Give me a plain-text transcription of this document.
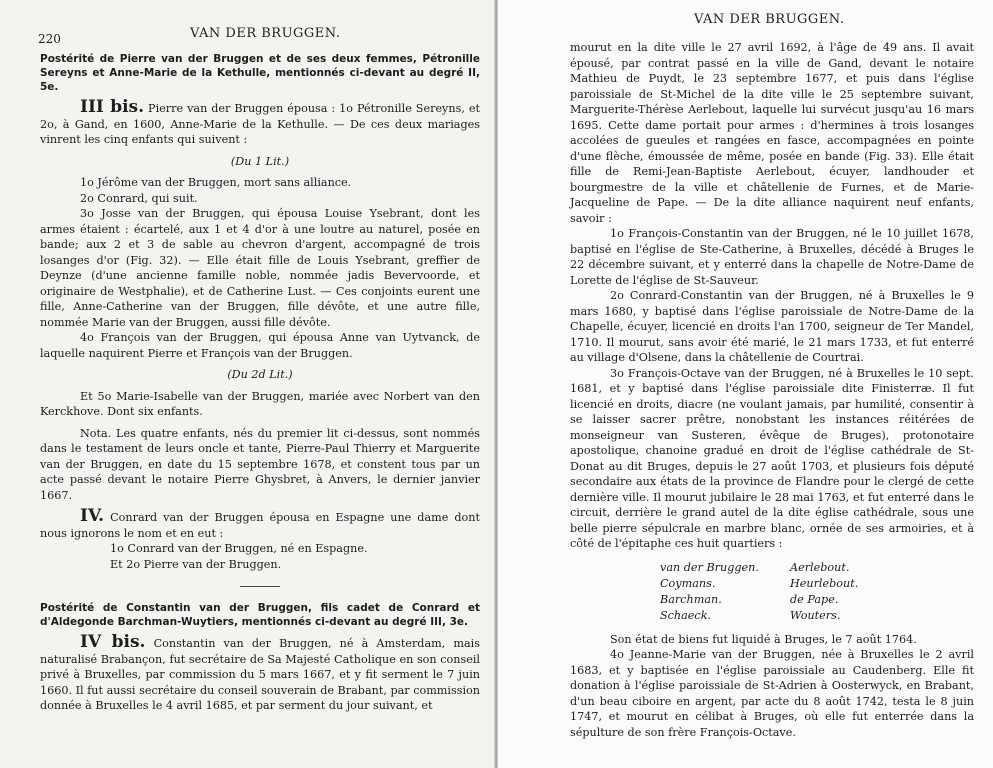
220	VAN DER BRUGGEN.

Postérité de Pierre van der Bruggen et de ses deux femmes, Pétronille Sereyns et Anne-Marie de la Kethulle, mentionnés ci-devant au degré II, 5e.

III bis. Pierre van der Bruggen épousa : 1o Pétronille Sereyns, et 2o, à Gand, en 1600, Anne-Marie de la Kethulle. — De ces deux mariages vinrent les cinq enfants qui suivent :

(Du 1 Lit.)

1o Jérôme van der Bruggen, mort sans alliance.

2o Conrard, qui suit.

3o Josse van der Bruggen, qui épousa Louise Ysebrant, dont les armes étaient : écartelé, aux 1 et 4 d'or à une loutre au naturel, posée en bande; aux 2 et 3 de sable au chevron d'argent, accompagné de trois losanges d'or (Fig. 32). — Elle était fille de Louis Ysebrant, greffier de Deynze (d'une ancienne famille noble, nommée jadis Bevervoorde, et originaire de Westphalie), et de Catherine Lust. — Ces conjoints eurent une fille, Anne-Catherine van der Bruggen, fille dévôte, et une autre fille, nommée Marie van der Bruggen, aussi fille dévôte.

4o François van der Bruggen, qui épousa Anne van Uytvanck, de laquelle naquirent Pierre et François van der Bruggen.

(Du 2d Lit.)

Et 5o Marie-Isabelle van der Bruggen, mariée avec Norbert van den Kerckhove. Dont six enfants.

Nota. Les quatre enfants, nés du premier lit ci-dessus, sont nommés dans le testament de leurs oncle et tante, Pierre-Paul Thierry et Marguerite van der Bruggen, en date du 15 septembre 1678, et constent tous par un acte passé devant le notaire Pierre Ghysbret, à Anvers, le dernier janvier 1667.

IV. Conrard van der Bruggen épousa en Espagne une dame dont nous ignorons le nom et en eut :

1o Conrard van der Bruggen, né en Espagne.

Et 2o Pierre van der Bruggen.

Postérité de Constantin van der Bruggen, fils cadet de Conrard et d'Aldegonde Barchman-Wuytiers, mentionnés ci-devant au degré III, 3e.

IV bis. Constantin van der Bruggen, né à Amsterdam, mais naturalisé Brabançon, fut secrétaire de Sa Majesté Catholique en son conseil privé à Bruxelles, par commission du 5 mars 1667, et y fit serment le 7 juin 1660. Il fut aussi secrétaire du conseil souverain de Brabant, par commission donnée à Bruxelles le 4 avril 1685, et par serment du jour suivant, et

VAN DER BRUGGEN.

mourut en la dite ville le 27 avril 1692, à l'âge de 49 ans. Il avait épousé, par contrat passé en la ville de Gand, devant le notaire Mathieu de Puydt, le 23 septembre 1677, et puis dans l'église paroissiale de St-Michel de la dite ville le 25 septembre suivant, Marguerite-Thérèse Aerlebout, laquelle lui survécut jusqu'au 16 mars 1695. Cette dame portait pour armes : d'hermines à trois losanges accolées de gueules et rangées en fasce, accompagnées en pointe d'une flèche, émoussée de même, posée en bande (Fig. 33). Elle était fille de Remi-Jean-Baptiste Aerlebout, écuyer, landhouder et bourgmestre de la ville et châtellenie de Furnes, et de Marie-Jacqueline de Pape. — De la dite alliance naquirent neuf enfants, savoir :

1o François-Constantin van der Bruggen, né le 10 juillet 1678, baptisé en l'église de Ste-Catherine, à Bruxelles, décédé à Bruges le 22 décembre suivant, et y enterré dans la chapelle de Notre-Dame de Lorette de l'église de St-Sauveur.

2o Conrard-Constantin van der Bruggen, né à Bruxelles le 9 mars 1680, y baptisé dans l'église paroissiale de Notre-Dame de la Chapelle, écuyer, licencié en droits l'an 1700, seigneur de Ter Mandel, 1710. Il mourut, sans avoir été marié, le 21 mars 1733, et fut enterré au village d'Olsene, dans la châtellenie de Courtrai.

3o François-Octave van der Bruggen, né à Bruxelles le 10 sept. 1681, et y baptisé dans l'église paroissiale dite Finisterræ. Il fut licencié en droits, diacre (ne voulant jamais, par humilité, consentir à se laisser sacrer prêtre, nonobstant les instances réitérées de monseigneur van Susteren, évêque de Bruges), protonotaire apostolique, chanoine gradué en droit de l'église cathédrale de St-Donat au dit Bruges, depuis le 27 août 1703, et plusieurs fois député secondaire aux états de la province de Flandre pour le clergé de cette dernière ville. Il mourut jubilaire le 28 mai 1763, et fut enterré dans le circuit, derrière le grand autel de la dite église cathédrale, sous une belle pierre sépulcrale en marbre blanc, ornée de ses armoiries, et à côté de l'épitaphe ces huit quartiers :

van der Bruggen.	Aerlebout.
Coymans.	Heurlebout.
Barchman.	de Pape.
Schaeck.	Wouters.

Son état de biens fut liquidé à Bruges, le 7 août 1764.

4o Jeanne-Marie van der Bruggen, née à Bruxelles le 2 avril 1683, et y baptisée en l'église paroissiale au Caudenberg. Elle fit donation à l'église paroissiale de St-Adrien à Oosterwyck, en Brabant, d'un beau ciboire en argent, par acte du 8 août 1742, testa le 8 juin 1747, et mourut en célibat à Bruges, où elle fut enterrée dans la sépulture de son frère François-Octave.
